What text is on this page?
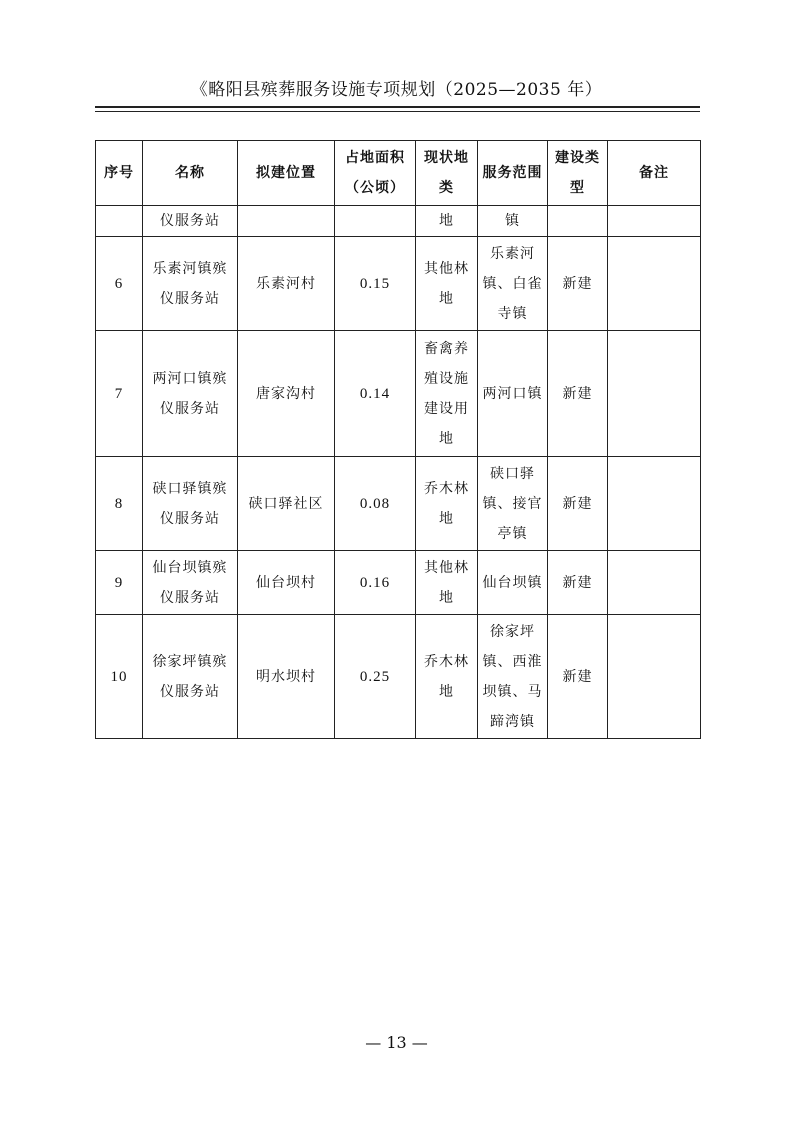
《略阳县殡葬服务设施专项规划（2025—2035 年）
序号	名称	拟建位置	占地面积（公顷）	现状地类	服务范围	建设类型	备注
	仪服务站			地	镇		
6	乐素河镇殡仪服务站	乐素河村	0.15	其他林地	乐素河镇、白雀寺镇	新建	
7	两河口镇殡仪服务站	唐家沟村	0.14	畜禽养殖设施建设用地	两河口镇	新建	
8	硖口驿镇殡仪服务站	硖口驿社区	0.08	乔木林地	硖口驿镇、接官亭镇	新建	
9	仙台坝镇殡仪服务站	仙台坝村	0.16	其他林地	仙台坝镇	新建	
10	徐家坪镇殡仪服务站	明水坝村	0.25	乔木林地	徐家坪镇、西淮坝镇、马蹄湾镇	新建	
— 13 —
